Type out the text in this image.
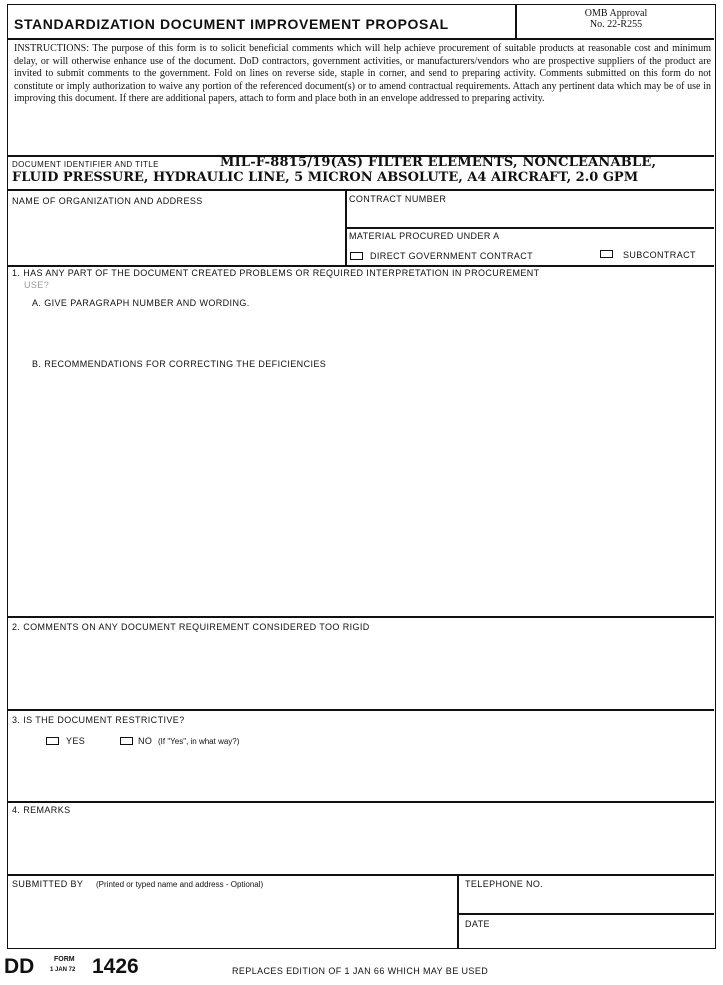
STANDARDIZATION DOCUMENT IMPROVEMENT PROPOSAL
OMB Approval
No. 22-R255
INSTRUCTIONS: The purpose of this form is to solicit beneficial comments which will help achieve procurement of suitable products at reasonable cost and minimum delay, or will otherwise enhance use of the document. DoD contractors, government activities, or manufacturers/vendors who are prospective suppliers of the product are invited to submit comments to the government. Fold on lines on reverse side, staple in corner, and send to preparing activity. Comments submitted on this form do not constitute or imply authorization to waive any portion of the referenced document(s) or to amend contractual requirements. Attach any pertinent data which may be of use in improving this document. If there are additional papers, attach to form and place both in an envelope addressed to preparing activity.
DOCUMENT IDENTIFIER AND TITLE	MIL-F-8815/19(AS) FILTER ELEMENTS, NONCLEANABLE,
FLUID PRESSURE, HYDRAULIC LINE, 5 MICRON ABSOLUTE, A4 AIRCRAFT, 2.0 GPM
NAME OF ORGANIZATION AND ADDRESS	CONTRACT NUMBER
MATERIAL PROCURED UNDER A
DIRECT GOVERNMENT CONTRACT	SUBCONTRACT
1. HAS ANY PART OF THE DOCUMENT CREATED PROBLEMS OR REQUIRED INTERPRETATION IN PROCUREMENT
USE?
A. GIVE PARAGRAPH NUMBER AND WORDING.
B. RECOMMENDATIONS FOR CORRECTING THE DEFICIENCIES
2. COMMENTS ON ANY DOCUMENT REQUIREMENT CONSIDERED TOO RIGID
3. IS THE DOCUMENT RESTRICTIVE?
YES	NO (If "Yes", in what way?)
4. REMARKS
SUBMITTED BY (Printed or typed name and address - Optional)	TELEPHONE NO.
DATE
DD	FORM
1 JAN 72 1426	REPLACES EDITION OF 1 JAN 66 WHICH MAY BE USED
